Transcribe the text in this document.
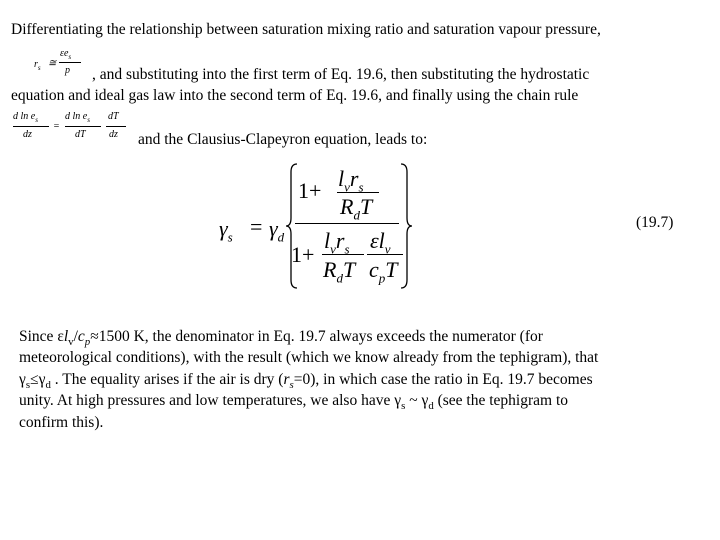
Differentiating the relationship between saturation mixing ratio and saturation vapour pressure,
$r_s$ ≅
$\varepsilon e_s$
p , and substituting into the first term of Eq. 19.6, then substituting the hydrostatic
equation and ideal gas law into the second term of Eq. 19.6, and finally using the chain rule
d $\ln e_s$
dz
=
d $\ln e_s$
dT
dT
dz and the Clausius-Clapeyron equation, leads to:
$\gamma_s = \gamma_d$
$1+ l_vr_s$
$R_dT$
1+
$l_vr_s$
$R_dT$
$\varepsilon l_v$
$c_pT$
(19.7)
Since $\varepsilon l_v/c_p\approx 1500$ K, the denominator in Eq. 19.7 always exceeds the numerator (for
meteorological conditions), with the result (which we know already from the tephigram), that
$\gamma_s\le\gamma_d$ . The equality arises if the air is dry $(r_s=0)$, in which case the ratio in Eq. 19.7 becomes
unity. At high pressures and low temperatures, we also have $\gamma_s$ ~ $\gamma_d$ (see the tephigram to
confirm this).
